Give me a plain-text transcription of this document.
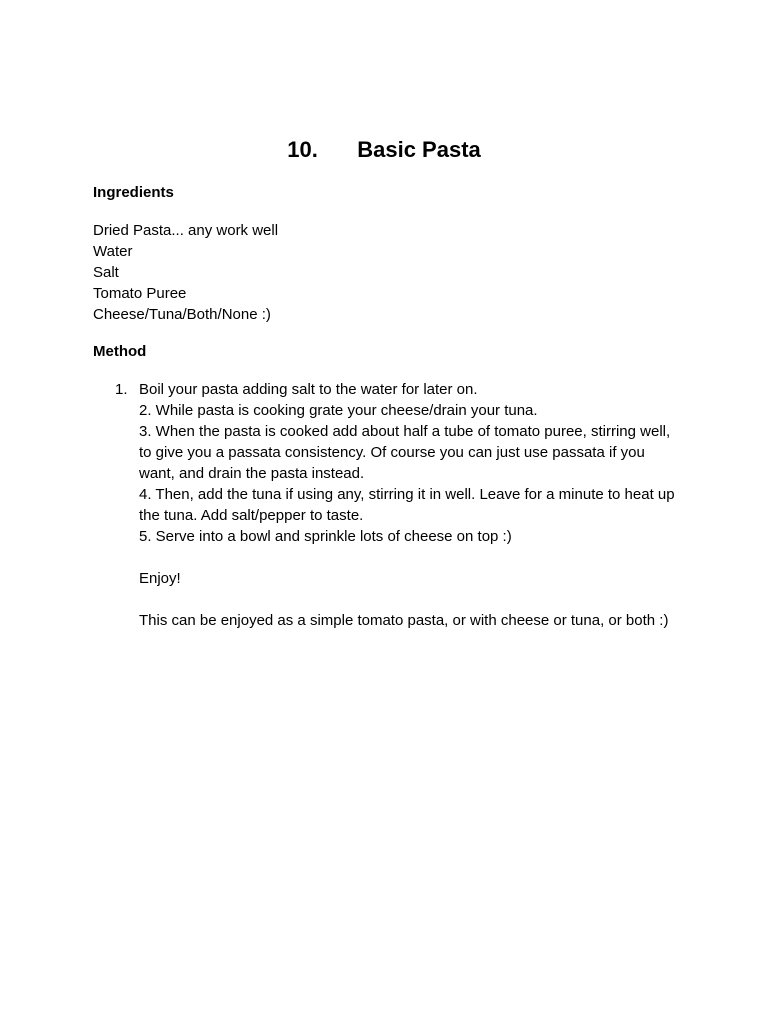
10.	Basic Pasta
Ingredients
Dried Pasta... any work well
Water
Salt
Tomato Puree
Cheese/Tuna/Both/None :)
Method
1. Boil your pasta adding salt to the water for later on.

2. While pasta is cooking grate your cheese/drain your tuna.

3. When the pasta is cooked add about half a tube of tomato puree, stirring well, to give you a passata consistency. Of course you can just use passata if you want, and drain the pasta instead.

4. Then, add the tuna if using any, stirring it in well. Leave for a minute to heat up the tuna. Add salt/pepper to taste.

5. Serve into a bowl and sprinkle lots of cheese on top :)

Enjoy!

This can be enjoyed as a simple tomato pasta, or with cheese or tuna, or both :)
